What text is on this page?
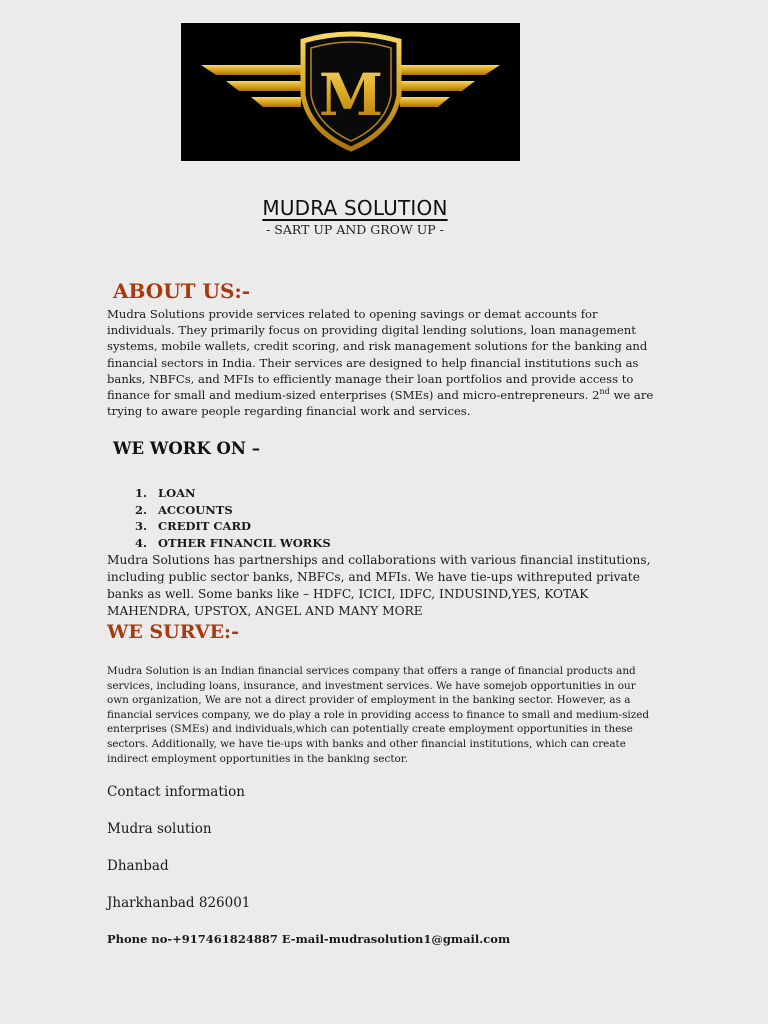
M
MUDRA SOLUTION
- SART UP AND GROW UP -
ABOUT US:-

Mudra Solutions provide services related to opening savings or demat accounts for individuals. They primarily focus on providing digital lending solutions, loan management systems, mobile wallets, credit scoring, and risk management solutions for the banking and financial sectors in India. Their services are designed to help financial institutions such as banks, NBFCs, and MFIs to efficiently manage their loan portfolios and provide access to finance for small and medium-sized enterprises (SMEs) and micro-entrepreneurs. 2nd we are trying to aware people regarding financial work and services.

WE WORK ON –
1. LOAN
2. ACCOUNTS
3. CREDIT CARD
4. OTHER FINANCIL WORKS

Mudra Solutions has partnerships and collaborations with various financial institutions, including public sector banks, NBFCs, and MFIs. We have tie-ups withreputed private banks as well. Some banks like – HDFC, ICICI, IDFC, INDUSIND,YES, KOTAK MAHENDRA, UPSTOX, ANGEL AND MANY MORE

WE SURVE:-

Mudra Solution is an Indian financial services company that offers a range of financial products and services, including loans, insurance, and investment services. We have somejob opportunities in our own organization, We are not a direct provider of employment in the banking sector. However, as a financial services company, we do play a role in providing access to finance to small and medium-sized enterprises (SMEs) and individuals,which can potentially create employment opportunities in these sectors. Additionally, we have tie-ups with banks and other financial institutions, which can create indirect employment opportunities in the banking sector.

Contact information

Mudra solution

Dhanbad

Jharkhanbad 826001

Phone no-+917461824887 E-mail-mudrasolution1@gmail.com
